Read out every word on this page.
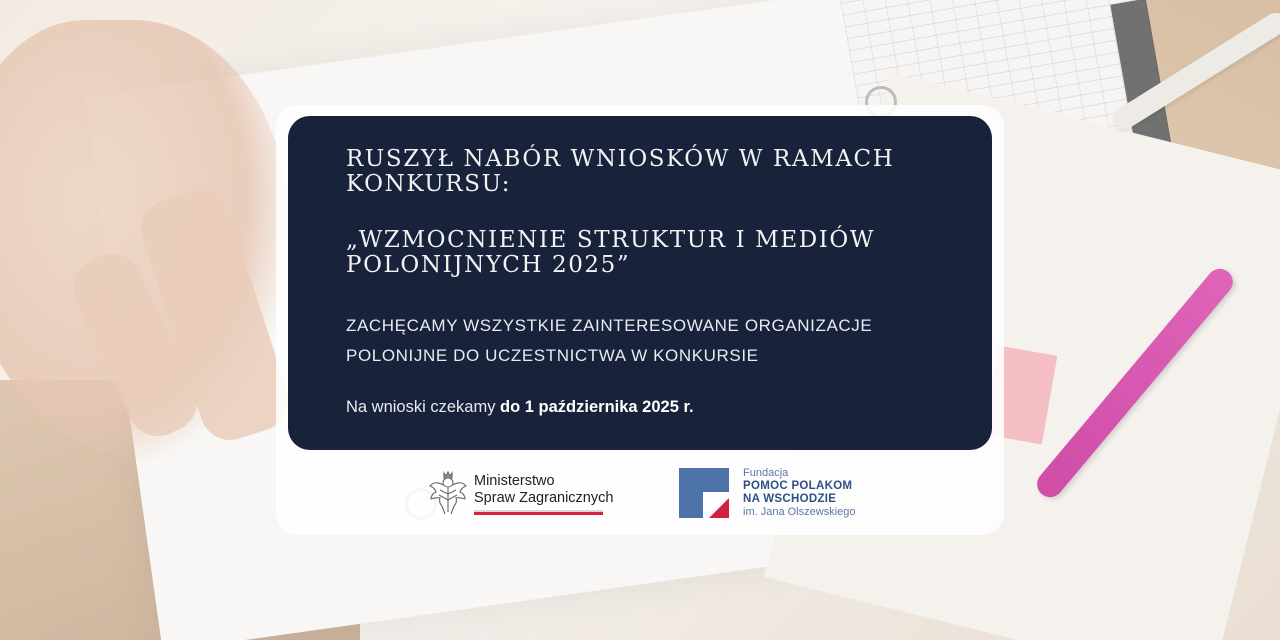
RUSZYŁ NABÓR WNIOSKÓW W RAMACH KONKURSU:
„WZMOCNIENIE STRUKTUR I MEDIÓW POLONIJNYCH 2025”

ZACHĘCAMY WSZYSTKIE ZAINTERESOWANE ORGANIZACJE POLONIJNE DO UCZESTNICTWA W KONKURSIE

Na wnioski czekamy do 1 października 2025 r.

Ministerstwo
Spraw Zagranicznych
Fundacja
POMOC POLAKOM
NA WSCHODZIE
im. Jana Olszewskiego
